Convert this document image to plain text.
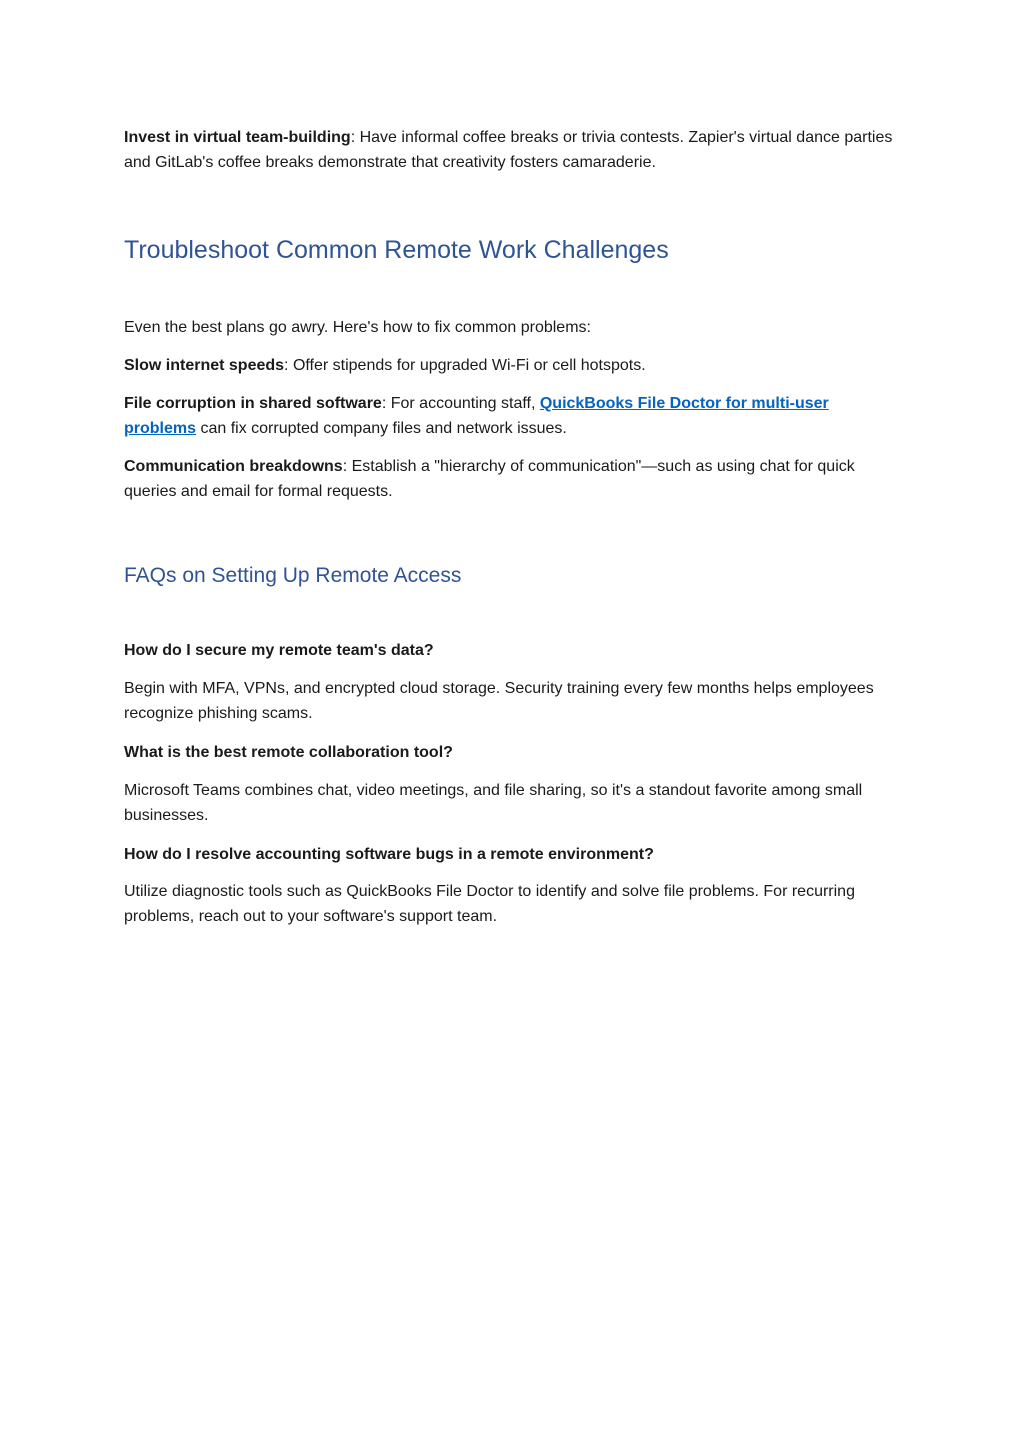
Invest in virtual team-building: Have informal coffee breaks or trivia contests. Zapier's virtual dance parties and GitLab's coffee breaks demonstrate that creativity fosters camaraderie.

Troubleshoot Common Remote Work Challenges

Even the best plans go awry. Here's how to fix common problems:

Slow internet speeds: Offer stipends for upgraded Wi-Fi or cell hotspots.

File corruption in shared software: For accounting staff, QuickBooks File Doctor for multi-user problems can fix corrupted company files and network issues.

Communication breakdowns: Establish a "hierarchy of communication"—such as using chat for quick queries and email for formal requests.

FAQs on Setting Up Remote Access

How do I secure my remote team's data?

Begin with MFA, VPNs, and encrypted cloud storage. Security training every few months helps employees recognize phishing scams.

What is the best remote collaboration tool?

Microsoft Teams combines chat, video meetings, and file sharing, so it's a standout favorite among small businesses.

How do I resolve accounting software bugs in a remote environment?

Utilize diagnostic tools such as QuickBooks File Doctor to identify and solve file problems. For recurring problems, reach out to your software's support team.
